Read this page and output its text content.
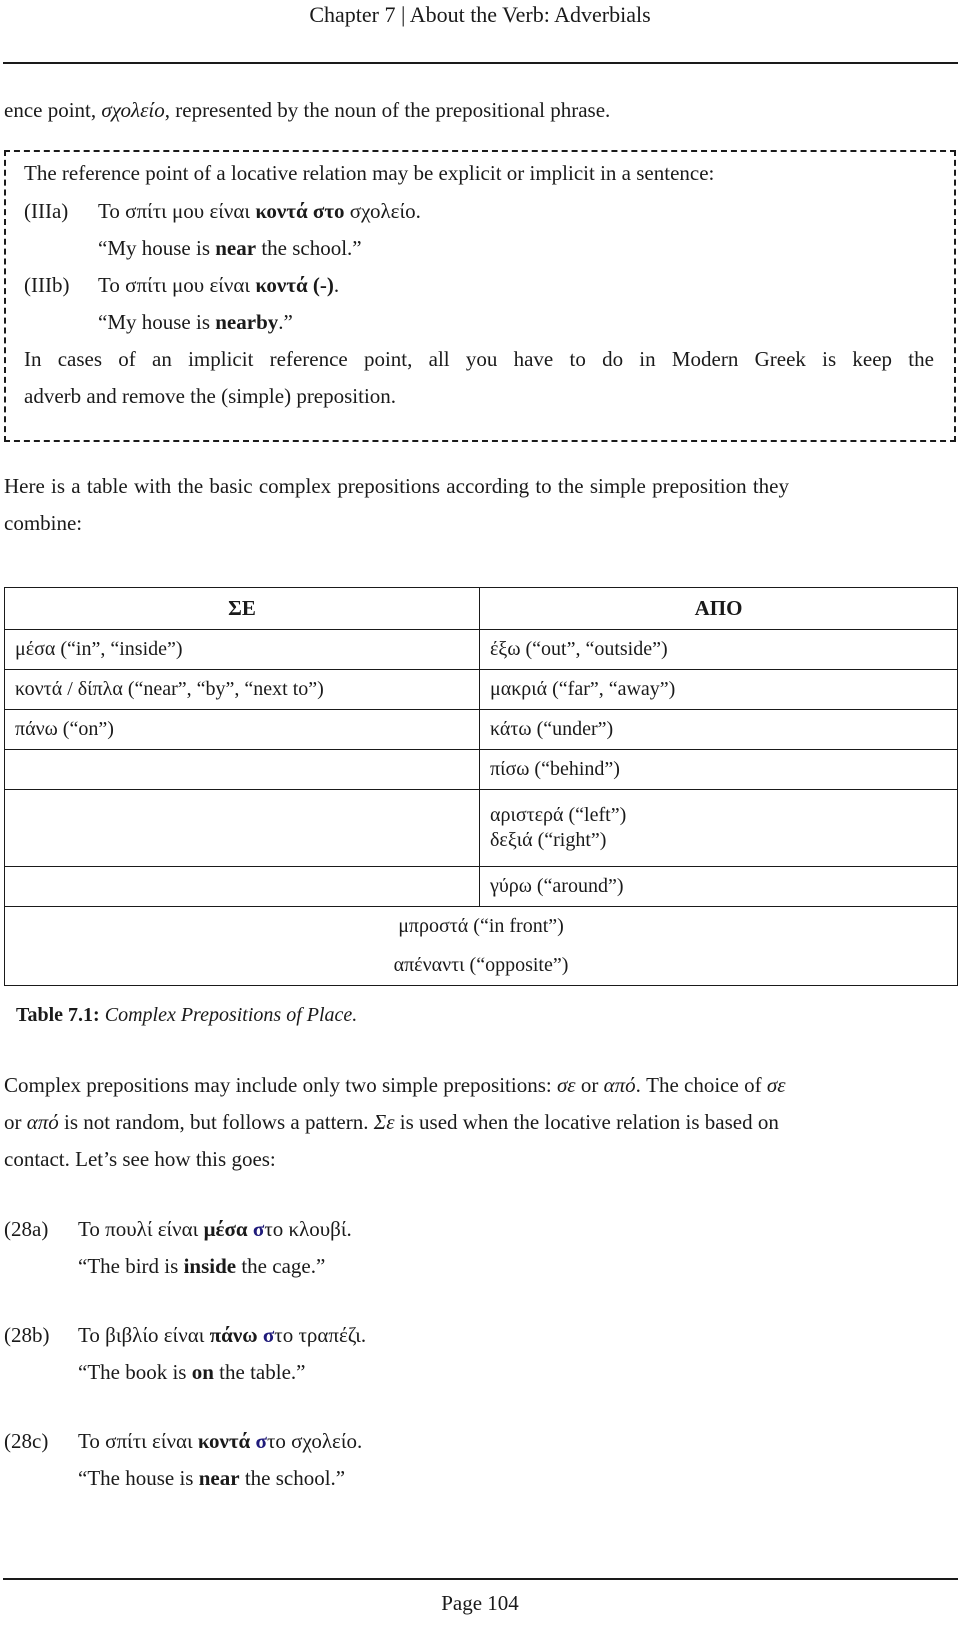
Chapter 7 | About the Verb: Adverbials
ence point, σχολείο, represented by the noun of the prepositional phrase.
The reference point of a locative relation may be explicit or implicit in a sentence:
(IIIa) Το σπίτι μου είναι κοντά στο σχολείο.
“My house is near the school.”
(IIIb) Το σπίτι μου είναι κοντά (-).
“My house is nearby.”
In cases of an implicit reference point, all you have to do in Modern Greek is keep the
adverb and remove the (simple) preposition.
Here is a table with the basic complex prepositions according to the simple preposition they
combine:
ΣΕ	ΑΠΟ
μέσα (“in”, “inside”)	έξω (“out”, “outside”)
κοντά / δίπλα (“near”, “by”, “next to”)	μακριά (“far”, “away”)
πάνω (“on”)	κάτω (“under”)
	πίσω (“behind”)

	αριστερά (“left”)
δεξιά (“right”)

	γύρω (“around”)
μπροστά (“in front”)	
απέναντι (“opposite”)	
Table 7.1: Complex Prepositions of Place.
Complex prepositions may include only two simple prepositions: σε or από. The choice of σε
or από is not random, but follows a pattern. Σε is used when the locative relation is based on
contact. Let’s see how this goes:
(28a) Το πουλί είναι μέσα στο κλουβί.
“The bird is inside the cage.”
(28b) Το βιβλίο είναι πάνω στο τραπέζι.
“The book is on the table.”
(28c) Το σπίτι είναι κοντά στο σχολείο.
“The house is near the school.”
Page 104
